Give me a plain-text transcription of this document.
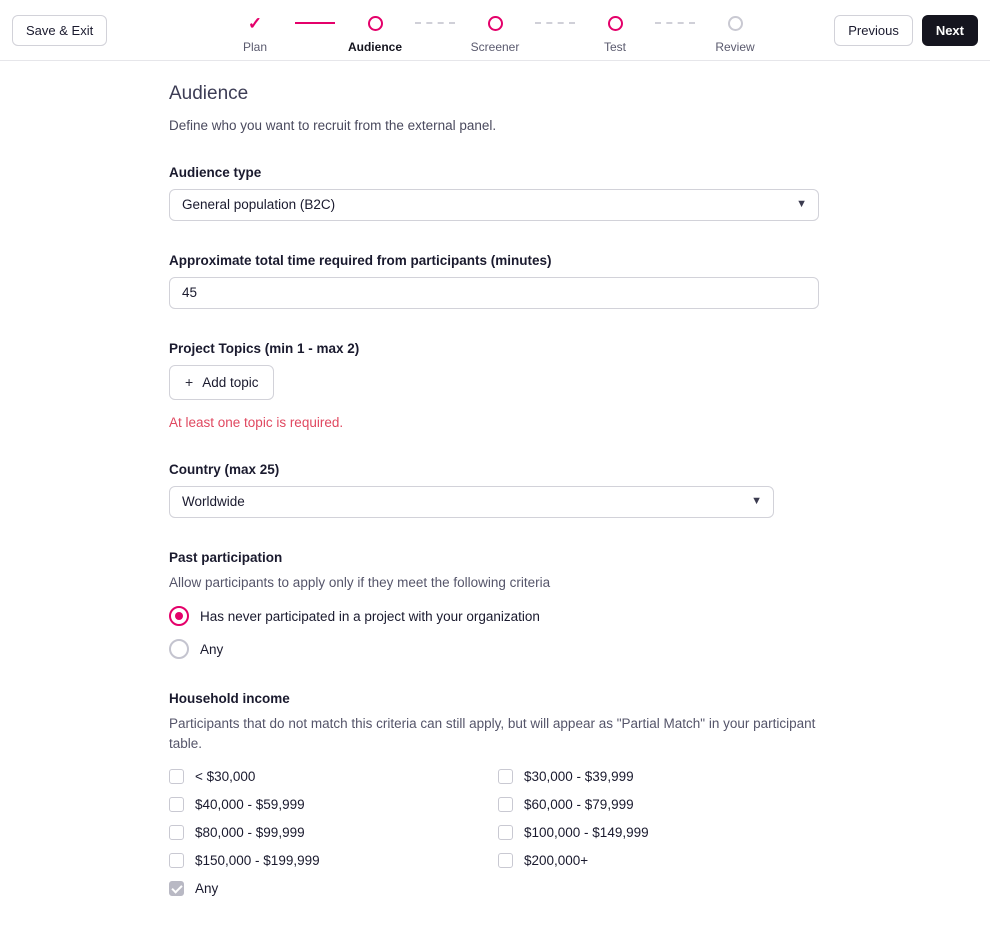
Save & Exit	✓
Plan	Audience	Screener	Test	Review
Previous	Next
Audience
Define who you want to recruit from the external panel.
Audience type
General population (B2C)	▼
Approximate total time required from participants (minutes)
45
Project Topics (min 1 - max 2)
+ Add topic
At least one topic is required.
Country (max 25)
Worldwide	▼
Past participation
Allow participants to apply only if they meet the following criteria
Has never participated in a project with your organization
Any
Household income
Participants that do not match this criteria can still apply, but will appear as "Partial Match" in your participant table.
< $30,000	$30,000 - $39,999
$40,000 - $59,999	$60,000 - $79,999
$80,000 - $99,999	$100,000 - $149,999
$150,000 - $199,999	$200,000+
Any
